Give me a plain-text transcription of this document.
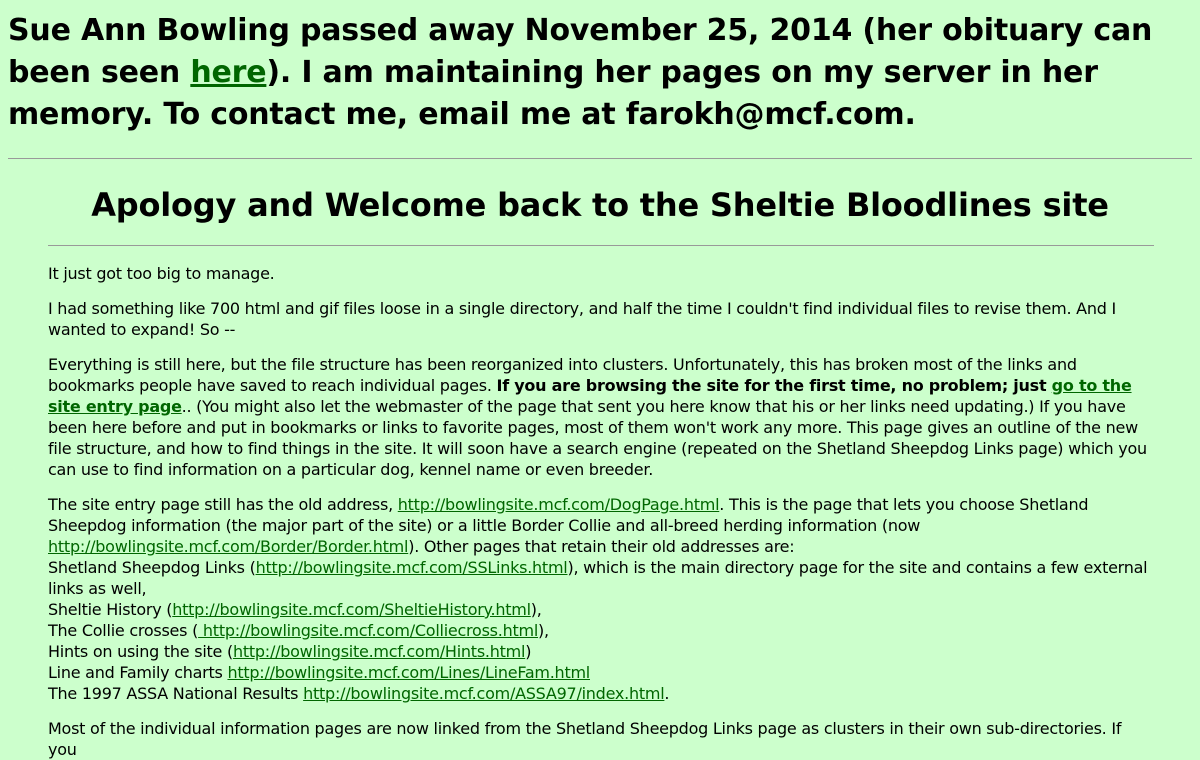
Sue Ann Bowling passed away November 25, 2014 (her obituary can been seen here). I am maintaining her pages on my server in her memory. To contact me, email me at farokh@mcf.com.
Apology and Welcome back to the Sheltie Bloodlines site

It just got too big to manage.

I had something like 700 html and gif files loose in a single directory, and half the time I couldn't find individual files to revise them. And I wanted to expand! So --

Everything is still here, but the file structure has been reorganized into clusters. Unfortunately, this has broken most of the links and bookmarks people have saved to reach individual pages. If you are browsing the site for the first time, no problem; just go to the site entry page.. (You might also let the webmaster of the page that sent you here know that his or her links need updating.) If you have been here before and put in bookmarks or links to favorite pages, most of them won't work any more. This page gives an outline of the new file structure, and how to find things in the site. It will soon have a search engine (repeated on the Shetland Sheepdog Links page) which you can use to find information on a particular dog, kennel name or even breeder.

The site entry page still has the old address, http://bowlingsite.mcf.com/DogPage.html. This is the page that lets you choose Shetland Sheepdog information (the major part of the site) or a little Border Collie and all-breed herding information (now http://bowlingsite.mcf.com/Border/Border.html). Other pages that retain their old addresses are:
Shetland Sheepdog Links (http://bowlingsite.mcf.com/SSLinks.html), which is the main directory page for the site and contains a few external links as well,
Sheltie History (http://bowlingsite.mcf.com/SheltieHistory.html),
The Collie crosses ( http://bowlingsite.mcf.com/Colliecross.html),
Hints on using the site (http://bowlingsite.mcf.com/Hints.html)
Line and Family charts http://bowlingsite.mcf.com/Lines/LineFam.html
The 1997 ASSA National Results http://bowlingsite.mcf.com/ASSA97/index.html.

Most of the individual information pages are now linked from the Shetland Sheepdog Links page as clusters in their own sub-directories. If you
